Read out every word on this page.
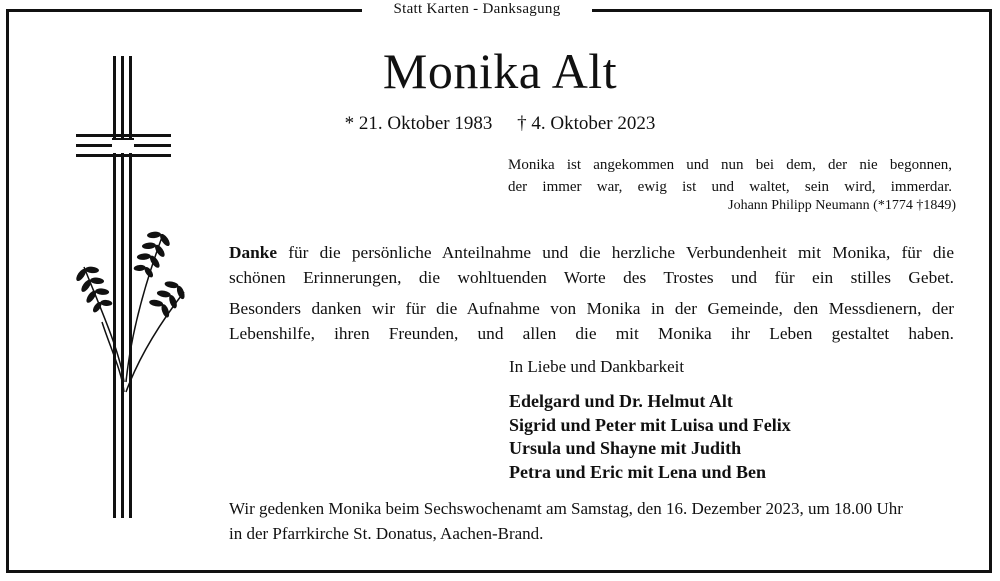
Statt Karten - Danksagung
Monika Alt
* 21. Oktober 1983 † 4. Oktober 2023
Monika ist angekommen und nun bei dem, der nie begonnen,
der immer war, ewig ist und waltet, sein wird, immerdar.
Johann Philipp Neumann (*1774 †1849)
Danke für die persönliche Anteilnahme und die herzliche Verbundenheit mit Monika, für die
schönen Erinnerungen, die wohltuenden Worte des Trostes und für ein stilles Gebet.
Besonders danken wir für die Aufnahme von Monika in der Gemeinde, den Messdienern, der
Lebenshilfe, ihren Freunden, und allen die mit Monika ihr Leben gestaltet haben.
In Liebe und Dankbarkeit
Edelgard und Dr. Helmut Alt
Sigrid und Peter mit Luisa und Felix
Ursula und Shayne mit Judith
Petra und Eric mit Lena und Ben
Wir gedenken Monika beim Sechswochenamt am Samstag, den 16. Dezember 2023, um 18.00 Uhr
in der Pfarrkirche St. Donatus, Aachen-Brand.
